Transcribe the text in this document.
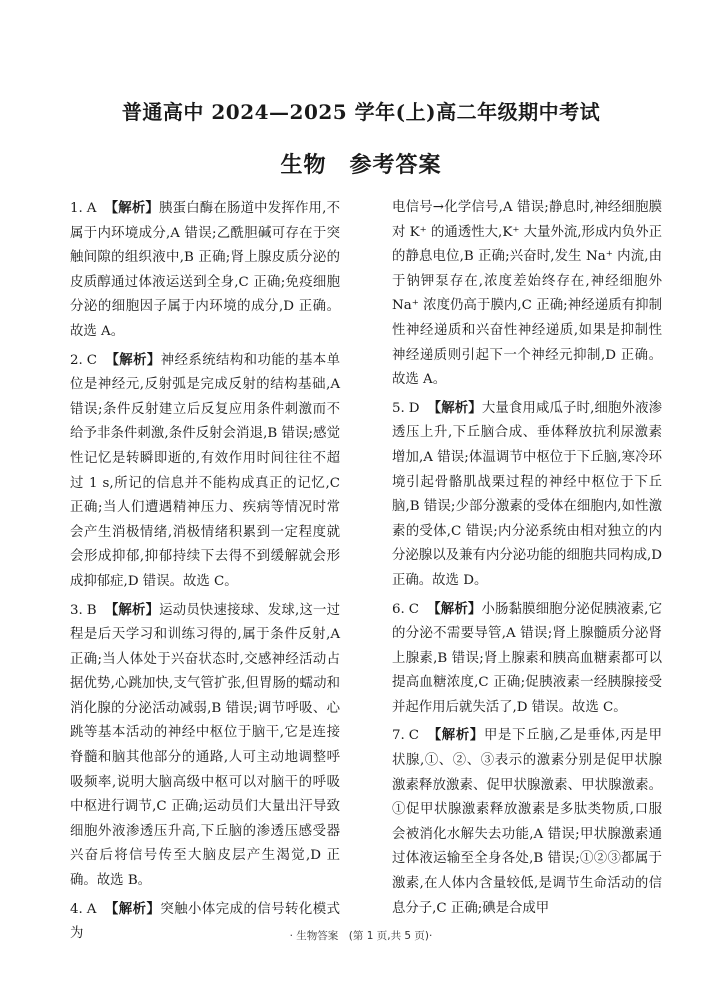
普通高中 2024—2025 学年(上)高二年级期中考试
生物　参考答案

1. A 【解析】胰蛋白酶在肠道中发挥作用,不属于内环境成分,A 错误;乙酰胆碱可存在于突触间隙的组织液中,B 正确;肾上腺皮质分泌的皮质醇通过体液运送到全身,C 正确;免疫细胞分泌的细胞因子属于内环境的成分,D 正确。故选 A。

2. C 【解析】神经系统结构和功能的基本单位是神经元,反射弧是完成反射的结构基础,A 错误;条件反射建立后反复应用条件刺激而不给予非条件刺激,条件反射会消退,B 错误;感觉性记忆是转瞬即逝的,有效作用时间往往不超过 1 s,所记的信息并不能构成真正的记忆,C 正确;当人们遭遇精神压力、疾病等情况时常会产生消极情绪,消极情绪积累到一定程度就会形成抑郁,抑郁持续下去得不到缓解就会形成抑郁症,D 错误。故选 C。

3. B 【解析】运动员快速接球、发球,这一过程是后天学习和训练习得的,属于条件反射,A 正确;当人体处于兴奋状态时,交感神经活动占据优势,心跳加快,支气管扩张,但胃肠的蠕动和消化腺的分泌活动减弱,B 错误;调节呼吸、心跳等基本活动的神经中枢位于脑干,它是连接脊髓和脑其他部分的通路,人可主动地调整呼吸频率,说明大脑高级中枢可以对脑干的呼吸中枢进行调节,C 正确;运动员们大量出汗导致细胞外液渗透压升高,下丘脑的渗透压感受器兴奋后将信号传至大脑皮层产生渴觉,D 正确。故选 B。

4. A 【解析】突触小体完成的信号转化模式为

电信号→化学信号,A 错误;静息时,神经细胞膜对 K⁺ 的通透性大,K⁺ 大量外流,形成内负外正的静息电位,B 正确;兴奋时,发生 Na⁺ 内流,由于钠钾泵存在,浓度差始终存在,神经细胞外 Na⁺ 浓度仍高于膜内,C 正确;神经递质有抑制性神经递质和兴奋性神经递质,如果是抑制性神经递质则引起下一个神经元抑制,D 正确。故选 A。

5. D 【解析】大量食用咸瓜子时,细胞外液渗透压上升,下丘脑合成、垂体释放抗利尿激素增加,A 错误;体温调节中枢位于下丘脑,寒冷环境引起骨骼肌战栗过程的神经中枢位于下丘脑,B 错误;少部分激素的受体在细胞内,如性激素的受体,C 错误;内分泌系统由相对独立的内分泌腺以及兼有内分泌功能的细胞共同构成,D 正确。故选 D。

6. C 【解析】小肠黏膜细胞分泌促胰液素,它的分泌不需要导管,A 错误;肾上腺髓质分泌肾上腺素,B 错误;肾上腺素和胰高血糖素都可以提高血糖浓度,C 正确;促胰液素一经胰腺接受并起作用后就失活了,D 错误。故选 C。

7. C 【解析】甲是下丘脑,乙是垂体,丙是甲状腺,①、②、③表示的激素分别是促甲状腺激素释放激素、促甲状腺激素、甲状腺激素。①促甲状腺激素释放激素是多肽类物质,口服会被消化水解失去功能,A 错误;甲状腺激素通过体液运输至全身各处,B 错误;①②③都属于激素,在人体内含量较低,是调节生命活动的信息分子,C 正确;碘是合成甲

· 生物答案　(第 1 页,共 5 页)·
